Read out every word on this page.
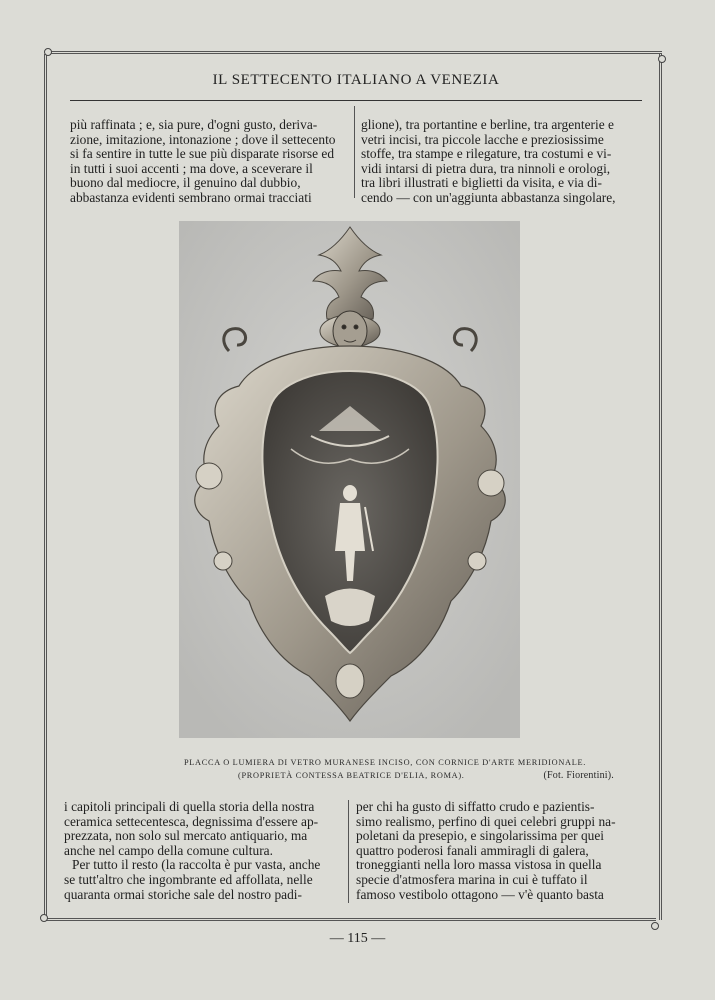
IL SETTECENTO ITALIANO A VENEZIA

più raffinata ; e, sia pure, d'ogni gusto, deriva-

zione, imitazione, intonazione ; dove il settecento

si fa sentire in tutte le sue più disparate risorse ed

in tutti i suoi accenti ; ma dove, a sceverare il

buono dal mediocre, il genuino dal dubbio,

abbastanza evidenti sembrano ormai tracciati

glione), tra portantine e berline, tra argenterie e

vetri incisi, tra piccole lacche e preziosissime

stoffe, tra stampe e rilegature, tra costumi e vi-

vidi intarsi di pietra dura, tra ninnoli e orologi,

tra libri illustrati e biglietti da visita, e via di-

cendo — con un'aggiunta abbastanza singolare,

PLACCA O LUMIERA DI VETRO MURANESE INCISO, CON CORNICE D'ARTE MERIDIONALE.
(PROPRIETÀ CONTESSA BEATRICE D'ELIA, ROMA).	(Fot. Fiorentini).

i capitoli principali di quella storia della nostra

ceramica settecentesca, degnissima d'essere ap-

prezzata, non solo sul mercato antiquario, ma

anche nel campo della comune cultura.

Per tutto il resto (la raccolta è pur vasta, anche

se tutt'altro che ingombrante ed affollata, nelle

quaranta ormai storiche sale del nostro padi-

per chi ha gusto di siffatto crudo e pazientis-

simo realismo, perfino di quei celebri gruppi na-

poletani da presepio, e singolarissima per quei

quattro poderosi fanali ammiragli di galera,

troneggianti nella loro massa vistosa in quella

specie d'atmosfera marina in cui è tuffato il

famoso vestibolo ottagono — v'è quanto basta

— 115 —
